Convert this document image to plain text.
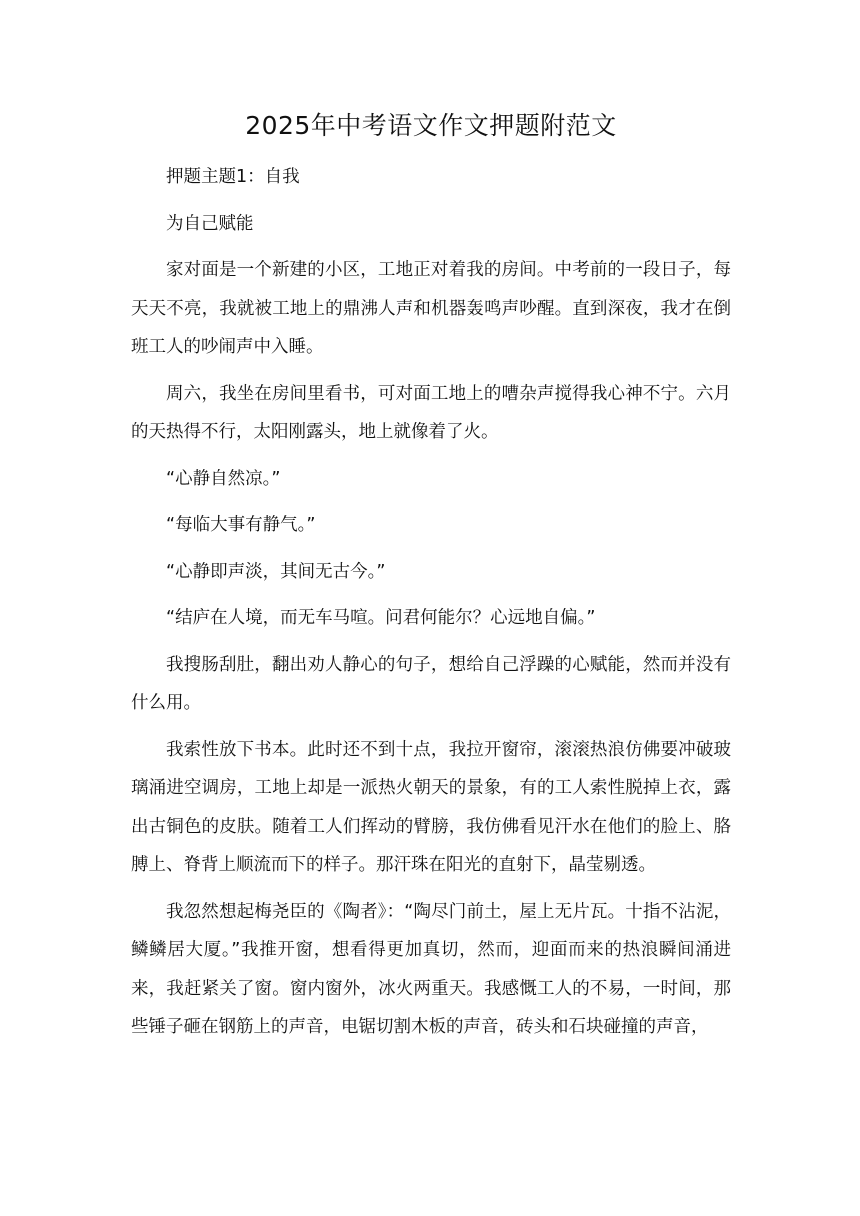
2025年中考语文作文押题附范文

押题主题1：自我

为自己赋能

家对面是一个新建的小区，工地正对着我的房间。中考前的一段日子，每天天不亮，我就被工地上的鼎沸人声和机器轰鸣声吵醒。直到深夜，我才在倒班工人的吵闹声中入睡。

周六，我坐在房间里看书，可对面工地上的嘈杂声搅得我心神不宁。六月的天热得不行，太阳刚露头，地上就像着了火。

“心静自然凉。”

“每临大事有静气。”

“心静即声淡，其间无古今。”

“结庐在人境，而无车马喧。问君何能尔？心远地自偏。”

我搜肠刮肚，翻出劝人静心的句子，想给自己浮躁的心赋能，然而并没有什么用。

我索性放下书本。此时还不到十点，我拉开窗帘，滚滚热浪仿佛要冲破玻璃涌进空调房，工地上却是一派热火朝天的景象，有的工人索性脱掉上衣，露出古铜色的皮肤。随着工人们挥动的臂膀，我仿佛看见汗水在他们的脸上、胳膊上、脊背上顺流而下的样子。那汗珠在阳光的直射下，晶莹剔透。

我忽然想起梅尧臣的《陶者》：“陶尽门前土，屋上无片瓦。十指不沾泥，鳞鳞居大厦。”我推开窗，想看得更加真切，然而，迎面而来的热浪瞬间涌进来，我赶紧关了窗。窗内窗外，冰火两重天。我感慨工人的不易，一时间，那些锤子砸在钢筋上的声音，电锯切割木板的声音，砖头和石块碰撞的声音，
